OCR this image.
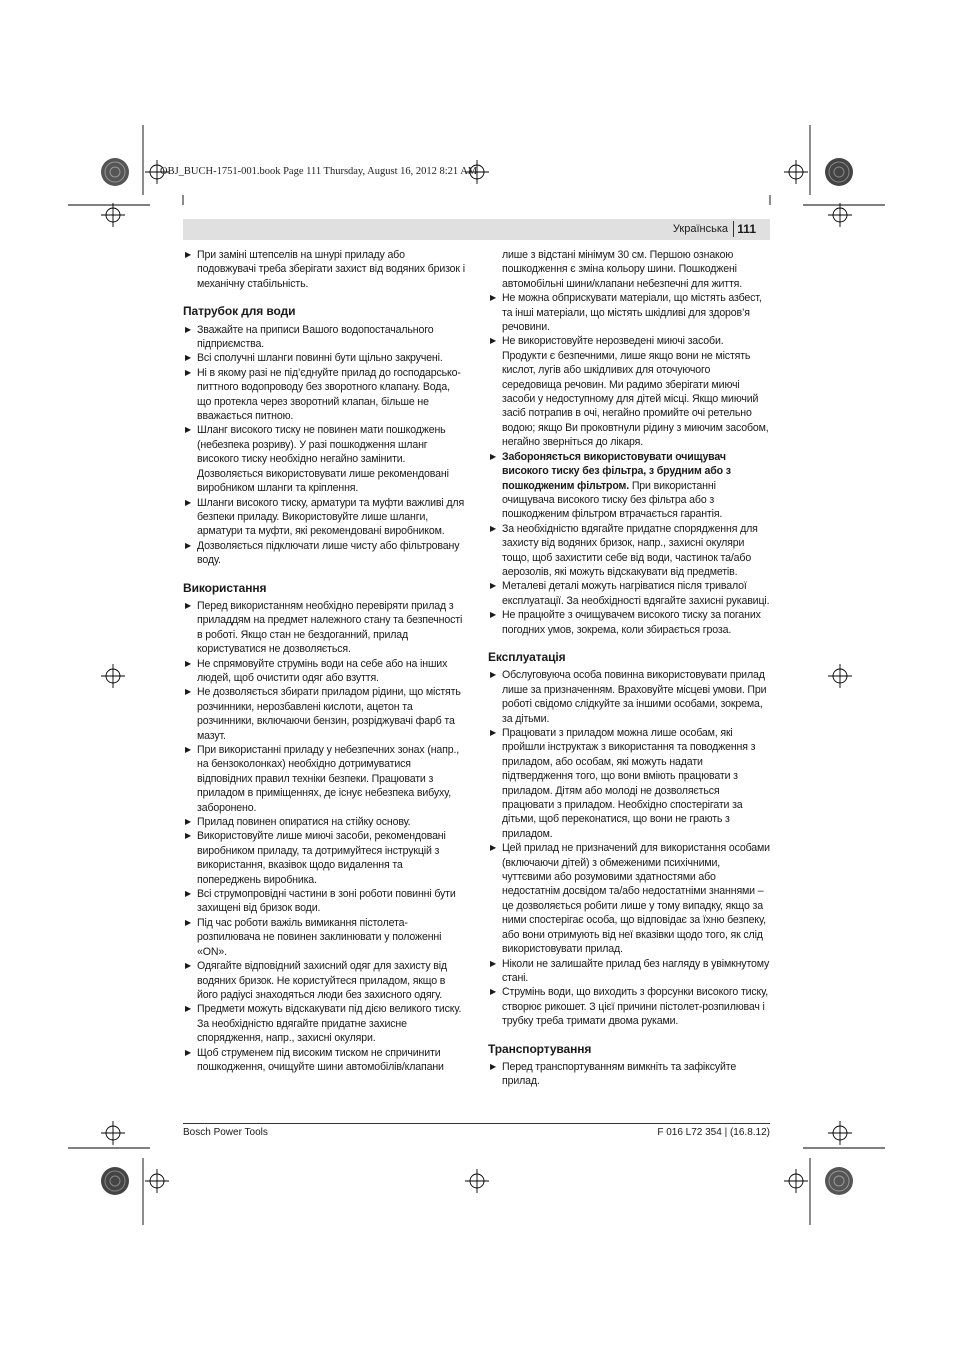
OBJ_BUCH-1751-001.book Page 111 Thursday, August 16, 2012 8:21 AM
Українська 111

▶ При заміні штепселів на шнурі приладу або подовжувачі треба зберігати захист від водяних бризок і механічну стабільність.

Патрубок для води

▶ Зважайте на приписи Вашого водопостачального підприємства.

▶ Всі сполучні шланги повинні бути щільно закручені.

▶ Ні в якому разі не під’єднуйте прилад до господарсько-питтного водопроводу без зворотного клапану. Вода, що протекла через зворотний клапан, більше не вважається питною.

▶ Шланг високого тиску не повинен мати пошкоджень (небезпека розриву). У разі пошкодження шланг високого тиску необхідно негайно замінити. Дозволяється використовувати лише рекомендовані виробником шланги та кріплення.

▶ Шланги високого тиску, арматури та муфти важливі для безпеки приладу. Використовуйте лише шланги, арматури та муфти, які рекомендовані виробником.

▶ Дозволяється підключати лише чисту або фільтровану воду.

Використання

▶ Перед використанням необхідно перевіряти прилад з приладдям на предмет належного стану та безпечності в роботі. Якщо стан не бездоганний, прилад користуватися не дозволяється.

▶ Не спрямовуйте струмінь води на себе або на інших людей, щоб очистити одяг або взуття.

▶ Не дозволяється збирати приладом рідини, що містять розчинники, нерозбавлені кислоти, ацетон та розчинники, включаючи бензин, розріджувачі фарб та мазут.

▶ При використанні приладу у небезпечних зонах (напр., на бензоколонках) необхідно дотримуватися відповідних правил техніки безпеки. Працювати з приладом в приміщеннях, де існує небезпека вибуху, заборонено.

▶ Прилад повинен опиратися на стійку основу.

▶ Використовуйте лише миючі засоби, рекомендовані виробником приладу, та дотримуйтеся інструкцій з використання, вказівок щодо видалення та попереджень виробника.

▶ Всі струмопровідні частини в зоні роботи повинні бути захищені від бризок води.

▶ Під час роботи важіль вимикання пістолета-розпилювача не повинен заклинювати у положенні «ON».

▶ Одягайте відповідний захисний одяг для захисту від водяних бризок. Не користуйтеся приладом, якщо в його радіусі знаходяться люди без захисного одягу.

▶ Предмети можуть відскакувати під дією великого тиску. За необхідністю вдягайте придатне захисне спорядження, напр., захисні окуляри.

▶ Щоб струменем під високим тиском не спричинити пошкодження, очищуйте шини автомобілів/клапани

лише з відстані мінімум 30 см. Першою ознакою пошкодження є зміна кольору шини. Пошкоджені автомобільні шини/клапани небезпечні для життя.

▶ Не можна обприскувати матеріали, що містять азбест, та інші матеріали, що містять шкідливі для здоров’я речовини.

▶ Не використовуйте нерозведені миючі засоби. Продукти є безпечними, лише якщо вони не містять кислот, лугів або шкідливих для оточуючого середовища речовин. Ми радимо зберігати миючі засоби у недоступному для дітей місці. Якщо миючий засіб потрапив в очі, негайно промийте очі ретельно водою; якщо Ви проковтнули рідину з миючим засобом, негайно зверніться до лікаря.

▶ Забороняється використовувати очищувач високого тиску без фільтра, з брудним або з пошкодженим фільтром. При використанні очищувача високого тиску без фільтра або з пошкодженим фільтром втрачається гарантія.

▶ За необхідністю вдягайте придатне спорядження для захисту від водяних бризок, напр., захисні окуляри тощо, щоб захистити себе від води, частинок та/або аерозолів, які можуть відскакувати від предметів.

▶ Металеві деталі можуть нагріватися після тривалої експлуатації. За необхідності вдягайте захисні рукавиці.

▶ Не працюйте з очищувачем високого тиску за поганих погодних умов, зокрема, коли збирається гроза.

Експлуатація

▶ Обслуговуюча особа повинна використовувати прилад лише за призначенням. Враховуйте місцеві умови. При роботі свідомо слідкуйте за іншими особами, зокрема, за дітьми.

▶ Працювати з приладом можна лише особам, які пройшли інструктаж з використання та поводження з приладом, або особам, які можуть надати підтвердження того, що вони вміють працювати з приладом. Дітям або молоді не дозволяється працювати з приладом. Необхідно спостерігати за дітьми, щоб переконатися, що вони не грають з приладом.

▶ Цей прилад не призначений для використання особами (включаючи дітей) з обмеженими психічними, чуттєвими або розумовими здатностями або недостатнім досвідом та/або недостатніми знаннями – це дозволяється робити лише у тому випадку, якщо за ними спостерігає особа, що відповідає за їхню безпеку, або вони отримують від неї вказівки щодо того, як слід використовувати прилад.

▶ Ніколи не залишайте прилад без нагляду в увімкнутому стані.

▶ Струмінь води, що виходить з форсунки високого тиску, створює рикошет. З цієї причини пістолет-розпилювач і трубку треба тримати двома руками.

Транспортування

▶ Перед транспортуванням вимкніть та зафіксуйте прилад.

Bosch Power Tools	F 016 L72 354 | (16.8.12)
